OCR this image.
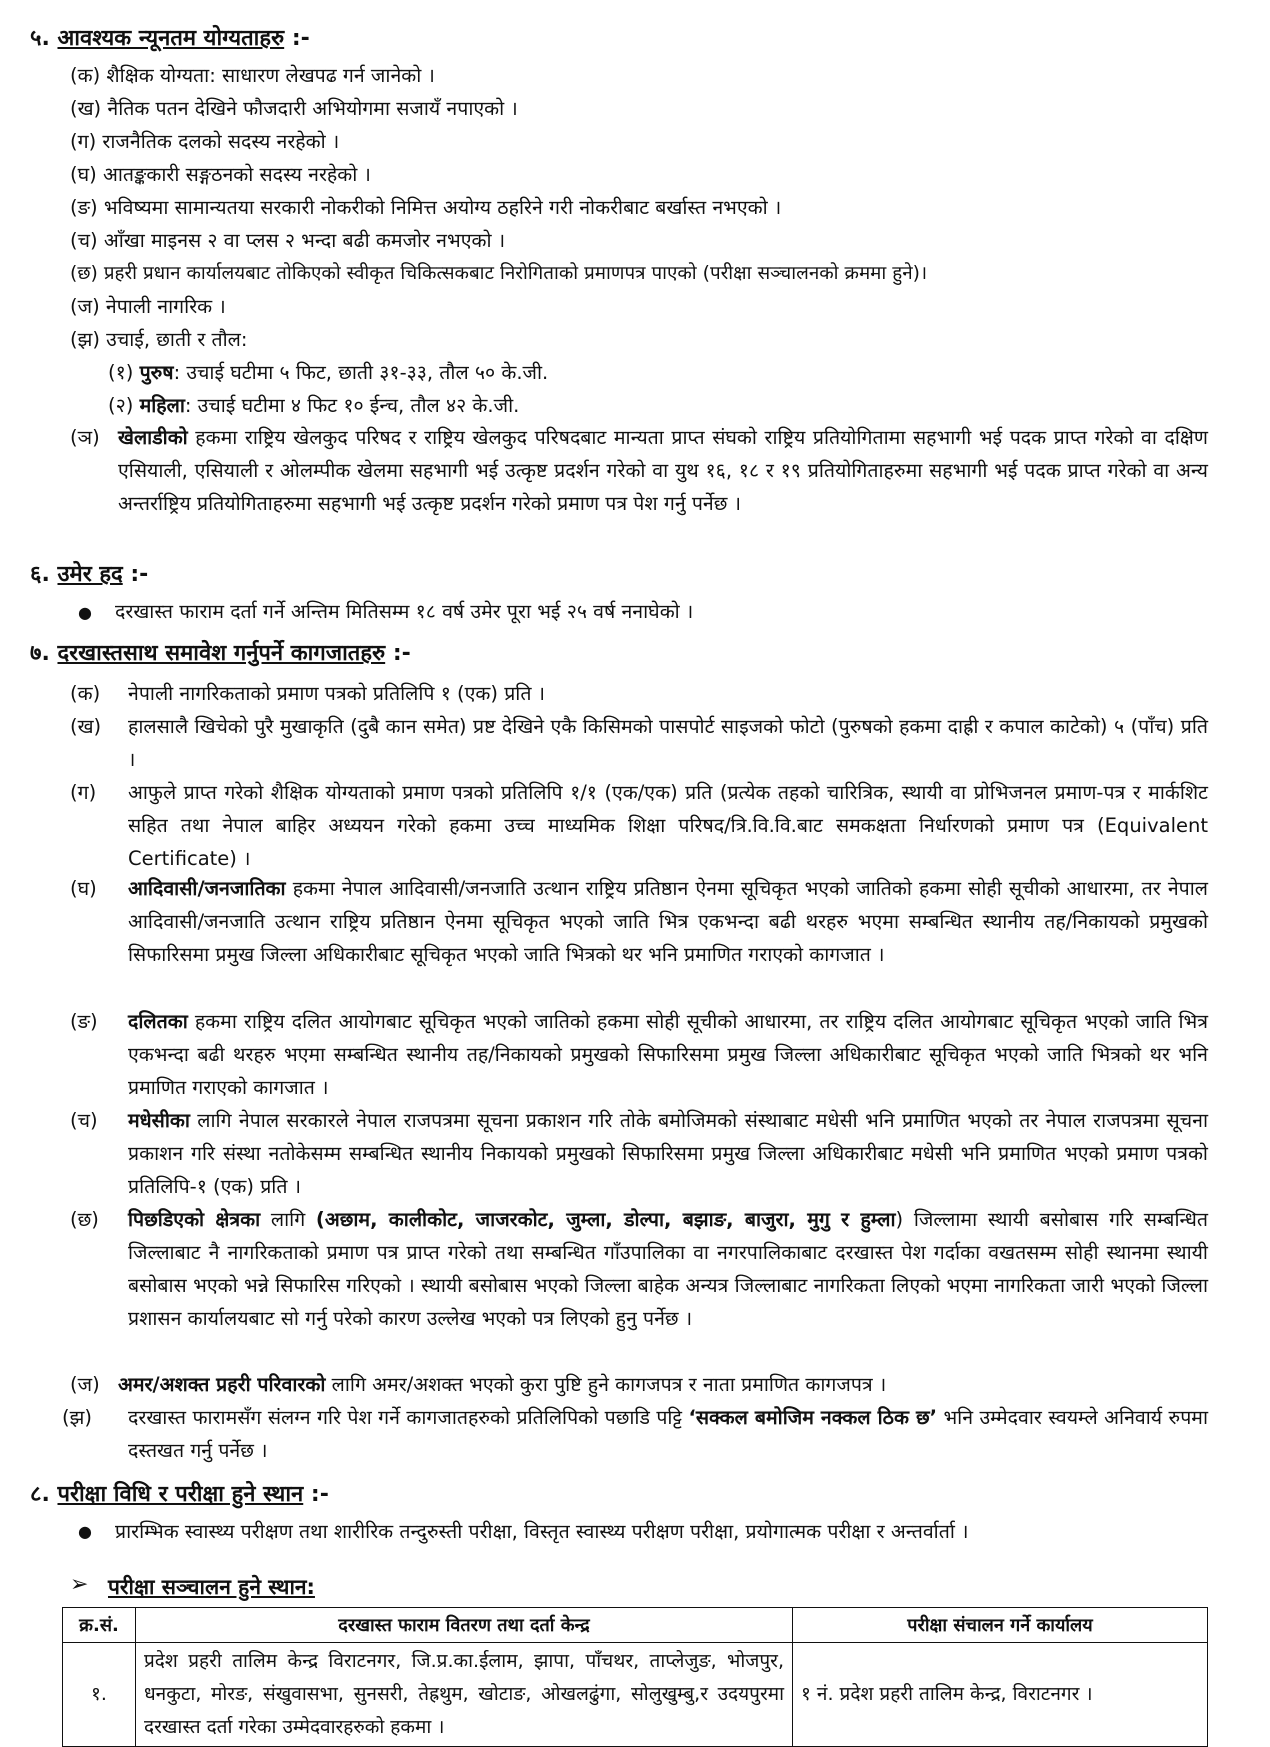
५. आवश्यक न्यूनतम योग्यताहरु :-
(क) शैक्षिक योग्यता: साधारण लेखपढ गर्न जानेको ।
(ख) नैतिक पतन देखिने फौजदारी अभियोगमा सजायँ नपाएको ।
(ग) राजनैतिक दलको सदस्य नरहेको ।
(घ) आतङ्ककारी सङ्गठनको सदस्य नरहेको ।
(ङ) भविष्यमा सामान्यतया सरकारी नोकरीको निमित्त अयोग्य ठहरिने गरी नोकरीबाट बर्खास्त नभएको ।
(च) आँखा माइनस २ वा प्लस २ भन्दा बढी कमजोर नभएको ।
(छ) प्रहरी प्रधान कार्यालयबाट तोकिएको स्वीकृत चिकित्सकबाट निरोगिताको प्रमाणपत्र पाएको (परीक्षा सञ्चालनको क्रममा हुने)।
(ज) नेपाली नागरिक ।
(झ) उचाई, छाती र तौल:
(१) पुरुष: उचाई घटीमा ५ फिट, छाती ३१-३३, तौल ५० के.जी.
(२) महिला: उचाई घटीमा ४ फिट १० ईन्च, तौल ४२ के.जी.
(ञ) खेलाडीको हकमा राष्ट्रिय खेलकुद परिषद र राष्ट्रिय खेलकुद परिषदबाट मान्यता प्राप्त संघको राष्ट्रिय प्रतियोगितामा सहभागी भई पदक प्राप्त गरेको वा दक्षिण एसियाली, एसियाली र ओलम्पीक खेलमा सहभागी भई उत्कृष्ट प्रदर्शन गरेको वा युथ १६, १८ र १९ प्रतियोगिताहरुमा सहभागी भई पदक प्राप्त गरेको वा अन्य अन्तर्राष्ट्रिय प्रतियोगिताहरुमा सहभागी भई उत्कृष्ट प्रदर्शन गरेको प्रमाण पत्र पेश गर्नु पर्नेछ ।
६. उमेर हद :-
● दरखास्त फाराम दर्ता गर्ने अन्तिम मितिसम्म १८ वर्ष उमेर पूरा भई २५ वर्ष ननाघेको ।
७. दरखास्तसाथ समावेश गर्नुपर्ने कागजातहरु :-
(क) नेपाली नागरिकताको प्रमाण पत्रको प्रतिलिपि १ (एक) प्रति ।
(ख) हालसालै खिचेको पुरै मुखाकृति (दुबै कान समेत) प्रष्ट देखिने एकै किसिमको पासपोर्ट साइजको फोटो (पुरुषको हकमा दाह्री र कपाल काटेको) ५ (पाँच) प्रति ।
(ग) आफुले प्राप्त गरेको शैक्षिक योग्यताको प्रमाण पत्रको प्रतिलिपि १/१ (एक/एक) प्रति (प्रत्येक तहको चारित्रिक, स्थायी वा प्रोभिजनल प्रमाण-पत्र र मार्कशिट सहित तथा नेपाल बाहिर अध्ययन गरेको हकमा उच्च माध्यमिक शिक्षा परिषद/त्रि.वि.वि.बाट समकक्षता निर्धारणको प्रमाण पत्र (Equivalent Certificate) ।
(घ) आदिवासी/जनजातिका हकमा नेपाल आदिवासी/जनजाति उत्थान राष्ट्रिय प्रतिष्ठान ऐनमा सूचिकृत भएको जातिको हकमा सोही सूचीको आधारमा, तर नेपाल आदिवासी/जनजाति उत्थान राष्ट्रिय प्रतिष्ठान ऐनमा सूचिकृत भएको जाति भित्र एकभन्दा बढी थरहरु भएमा सम्बन्धित स्थानीय तह/निकायको प्रमुखको सिफारिसमा प्रमुख जिल्ला अधिकारीबाट सूचिकृत भएको जाति भित्रको थर भनि प्रमाणित गराएको कागजात ।
(ङ) दलितका हकमा राष्ट्रिय दलित आयोगबाट सूचिकृत भएको जातिको हकमा सोही सूचीको आधारमा, तर राष्ट्रिय दलित आयोगबाट सूचिकृत भएको जाति भित्र एकभन्दा बढी थरहरु भएमा सम्बन्धित स्थानीय तह/निकायको प्रमुखको सिफारिसमा प्रमुख जिल्ला अधिकारीबाट सूचिकृत भएको जाति भित्रको थर भनि प्रमाणित गराएको कागजात ।
(च) मधेसीका लागि नेपाल सरकारले नेपाल राजपत्रमा सूचना प्रकाशन गरि तोके बमोजिमको संस्थाबाट मधेसी भनि प्रमाणित भएको तर नेपाल राजपत्रमा सूचना प्रकाशन गरि संस्था नतोकेसम्म सम्बन्धित स्थानीय निकायको प्रमुखको सिफारिसमा प्रमुख जिल्ला अधिकारीबाट मधेसी भनि प्रमाणित भएको प्रमाण पत्रको प्रतिलिपि-१ (एक) प्रति ।
(छ) पिछडिएको क्षेत्रका लागि (अछाम, कालीकोट, जाजरकोट, जुम्ला, डोल्पा, बझाङ, बाजुरा, मुगु र हुम्ला) जिल्लामा स्थायी बसोबास गरि सम्बन्धित जिल्लाबाट नै नागरिकताको प्रमाण पत्र प्राप्त गरेको तथा सम्बन्धित गाँउपालिका वा नगरपालिकाबाट दरखास्त पेश गर्दाका वखतसम्म सोही स्थानमा स्थायी बसोबास भएको भन्ने सिफारिस गरिएको । स्थायी बसोबास भएको जिल्ला बाहेक अन्यत्र जिल्लाबाट नागरिकता लिएको भएमा नागरिकता जारी भएको जिल्ला प्रशासन कार्यालयबाट सो गर्नु परेको कारण उल्लेख भएको पत्र लिएको हुनु पर्नेछ ।
(ज) अमर/अशक्त प्रहरी परिवारको लागि अमर/अशक्त भएको कुरा पुष्टि हुने कागजपत्र र नाता प्रमाणित कागजपत्र ।
(झ) दरखास्त फारामसँग संलग्न गरि पेश गर्ने कागजातहरुको प्रतिलिपिको पछाडि पट्टि ‘सक्कल बमोजिम नक्कल ठिक छ’ भनि उम्मेदवार स्वयम्ले अनिवार्य रुपमा दस्तखत गर्नु पर्नेछ ।
८. परीक्षा विधि र परीक्षा हुने स्थान :-
● प्रारम्भिक स्वास्थ्य परीक्षण तथा शारीरिक तन्दुरुस्ती परीक्षा, विस्तृत स्वास्थ्य परीक्षण परीक्षा, प्रयोगात्मक परीक्षा र अन्तर्वार्ता ।
➢ परीक्षा सञ्चालन हुने स्थान:
क्र.सं.	दरखास्त फाराम वितरण तथा दर्ता केन्द्र	परीक्षा संचालन गर्ने कार्यालय
१.	प्रदेश प्रहरी तालिम केन्द्र विराटनगर, जि.प्र.का.ईलाम, झापा, पाँचथर, ताप्लेजुङ, भोजपुर, धनकुटा, मोरङ, संखुवासभा, सुनसरी, तेह्रथुम, खोटाङ, ओखलढुंगा, सोलुखुम्बु,र उदयपुरमा दरखास्त दर्ता गरेका उम्मेदवारहरुको हकमा ।	१ नं. प्रदेश प्रहरी तालिम केन्द्र, विराटनगर ।
